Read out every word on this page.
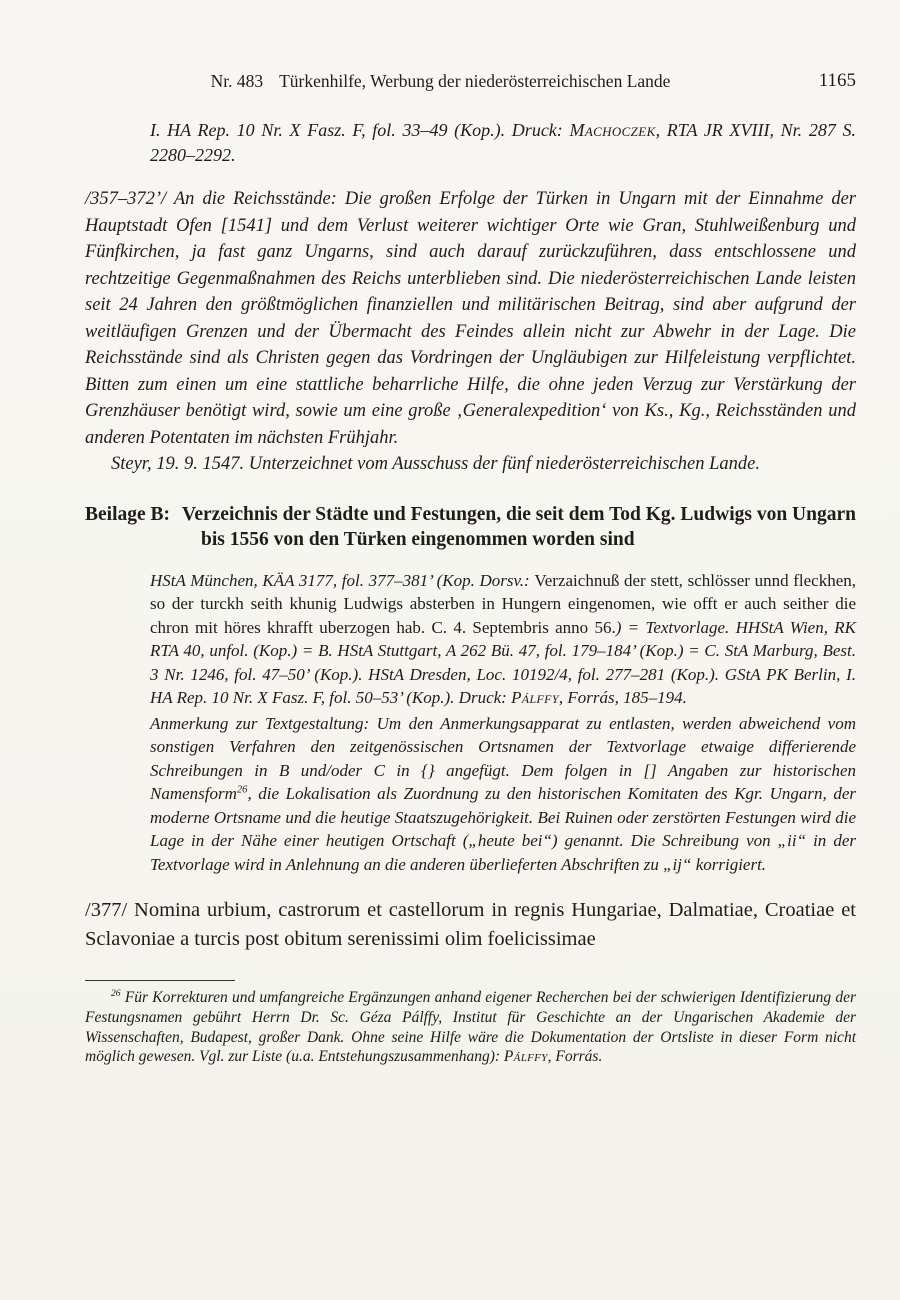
Nr. 483 Türkenhilfe, Werbung der niederösterreichischen Lande	1165

I. HA Rep. 10 Nr. X Fasz. F, fol. 33–49 (Kop.). Druck: Machoczek, RTA JR XVIII, Nr. 287 S. 2280–2292.

/357–372’/ An die Reichsstände: Die großen Erfolge der Türken in Ungarn mit der Einnahme der Hauptstadt Ofen [1541] und dem Verlust weiterer wichtiger Orte wie Gran, Stuhlweißenburg und Fünfkirchen, ja fast ganz Ungarns, sind auch darauf zurückzuführen, dass entschlossene und rechtzeitige Gegenmaßnahmen des Reichs unterblieben sind. Die niederösterreichischen Lande leisten seit 24 Jahren den größtmöglichen finanziellen und militärischen Beitrag, sind aber aufgrund der weitläufigen Grenzen und der Übermacht des Feindes allein nicht zur Abwehr in der Lage. Die Reichsstände sind als Christen gegen das Vordringen der Ungläubigen zur Hilfeleistung verpflichtet. Bitten zum einen um eine stattliche beharrliche Hilfe, die ohne jeden Verzug zur Verstärkung der Grenzhäuser benötigt wird, sowie um eine große ‚Generalexpedition‘ von Ks., Kg., Reichsständen und anderen Potentaten im nächsten Frühjahr.

Steyr, 19. 9. 1547. Unterzeichnet vom Ausschuss der fünf niederösterreichischen Lande.

Beilage B: Verzeichnis der Städte und Festungen, die seit dem Tod Kg. Ludwigs von Ungarn bis 1556 von den Türken eingenommen worden sind

HStA München, KÄA 3177, fol. 377–381’ (Kop. Dorsv.: Verzaichnuß der stett, schlösser unnd fleckhen, so der turckh seith khunig Ludwigs absterben in Hungern eingenomen, wie offt er auch seither die chron mit höres khrafft uberzogen hab. C. 4. Septembris anno 56.) = Textvorlage. HHStA Wien, RK RTA 40, unfol. (Kop.) = B. HStA Stuttgart, A 262 Bü. 47, fol. 179–184’ (Kop.) = C. StA Marburg, Best. 3 Nr. 1246, fol. 47–50’ (Kop.). HStA Dresden, Loc. 10192/4, fol. 277–281 (Kop.). GStA PK Berlin, I. HA Rep. 10 Nr. X Fasz. F, fol. 50–53’ (Kop.). Druck: Pálffy, Forrás, 185–194.
Anmerkung zur Textgestaltung: Um den Anmerkungsapparat zu entlasten, werden abweichend vom sonstigen Verfahren den zeitgenössischen Ortsnamen der Textvorlage etwaige differierende Schreibungen in B und/oder C in {} angefügt. Dem folgen in [] Angaben zur historischen Namensform$^{26}$, die Lokalisation als Zuordnung zu den historischen Komitaten des Kgr. Ungarn, der moderne Ortsname und die heutige Staatszugehörigkeit. Bei Ruinen oder zerstörten Festungen wird die Lage in der Nähe einer heutigen Ortschaft („heute bei“) genannt. Die Schreibung von „ii“ in der Textvorlage wird in Anlehnung an die anderen überlieferten Abschriften zu „ij“ korrigiert.

/377/ Nomina urbium, castrorum et castellorum in regnis Hungariae, Dalmatiae, Croatiae et Sclavoniae a turcis post obitum serenissimi olim foelicissimae

$^{26}$ Für Korrekturen und umfangreiche Ergänzungen anhand eigener Recherchen bei der schwierigen Identifizierung der Festungsnamen gebührt Herrn Dr. Sc. Géza Pálffy, Institut für Geschichte an der Ungarischen Akademie der Wissenschaften, Budapest, großer Dank. Ohne seine Hilfe wäre die Dokumentation der Ortsliste in dieser Form nicht möglich gewesen. Vgl. zur Liste (u.a. Entstehungszusammenhang): Pálffy, Forrás.
